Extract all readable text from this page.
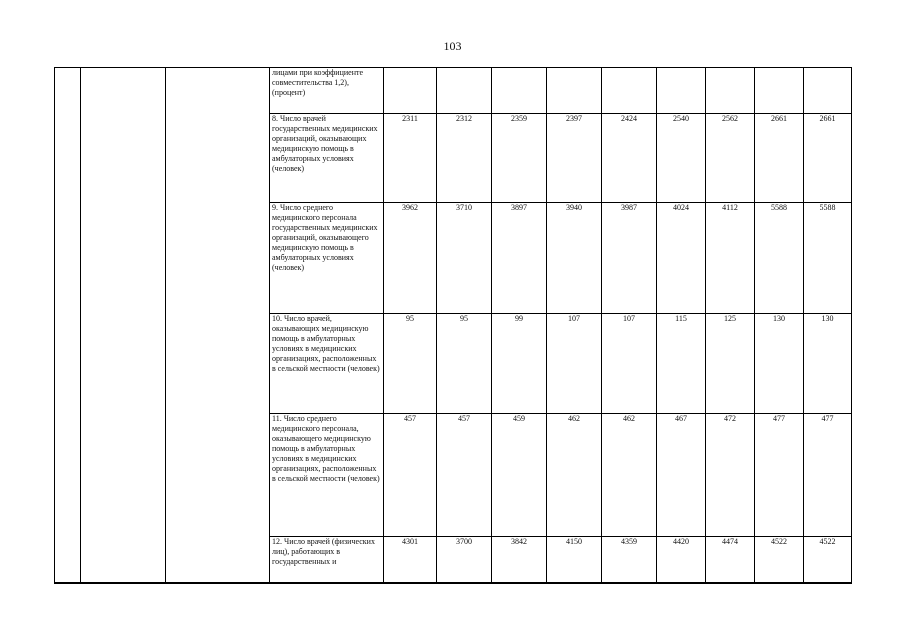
103
			лицами при коэффициенте совместительства 1,2), (процент)									
			8. Число врачей государственных медицинских организаций, оказывающих медицинскую помощь в амбулаторных условиях (человек)	2311	2312	2359	2397	2424	2540	2562	2661	2661
			9. Число среднего медицинского персонала государственных медицинских организаций, оказывающего медицинскую помощь в амбулаторных условиях (человек)	3962	3710	3897	3940	3987	4024	4112	5588	5588
			10. Число врачей, оказывающих медицинскую помощь в амбулаторных условиях в медицинских организациях, расположенных в сельской местности (человек)	95	95	99	107	107	115	125	130	130
			11. Число среднего медицинского персонала, оказывающего медицинскую помощь в амбулаторных условиях в медицинских организациях, расположенных в сельской местности (человек)	457	457	459	462	462	467	472	477	477
			12. Число врачей (физических лиц), работающих в государственных и	4301	3700	3842	4150	4359	4420	4474	4522	4522
